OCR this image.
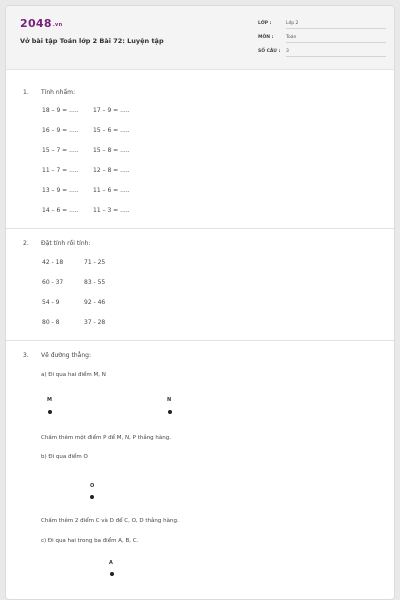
2048.vn
Vở bài tập Toán lớp 2 Bài 72: Luyện tập
LỚP :	Lớp 2
MÔN :	Toán
SỐ CÂU : 3
1. Tính nhẩm:
18 – 9 = ..... 17 – 9 = .....
16 – 9 = ..... 15 – 6 = .....
15 – 7 = ..... 15 – 8 = .....
11 – 7 = ..... 12 – 8 = .....
13 – 9 = ..... 11 – 6 = .....
14 – 6 = ..... 11 – 3 = .....
2. Đặt tính rồi tính:
42 - 18	71 - 25
60 - 37	83 - 55
54 - 9	92 - 46
80 - 8	37 - 28
3. Vẽ đường thẳng:
a) Đi qua hai điểm M, N
M	N
Chấm thêm một điểm P để M, N, P thẳng hàng.
b) Đi qua điểm O
O
Chấm thêm 2 điểm C và D để C, O, D thẳng hàng.
c) Đi qua hai trong ba điểm A, B, C.
A
